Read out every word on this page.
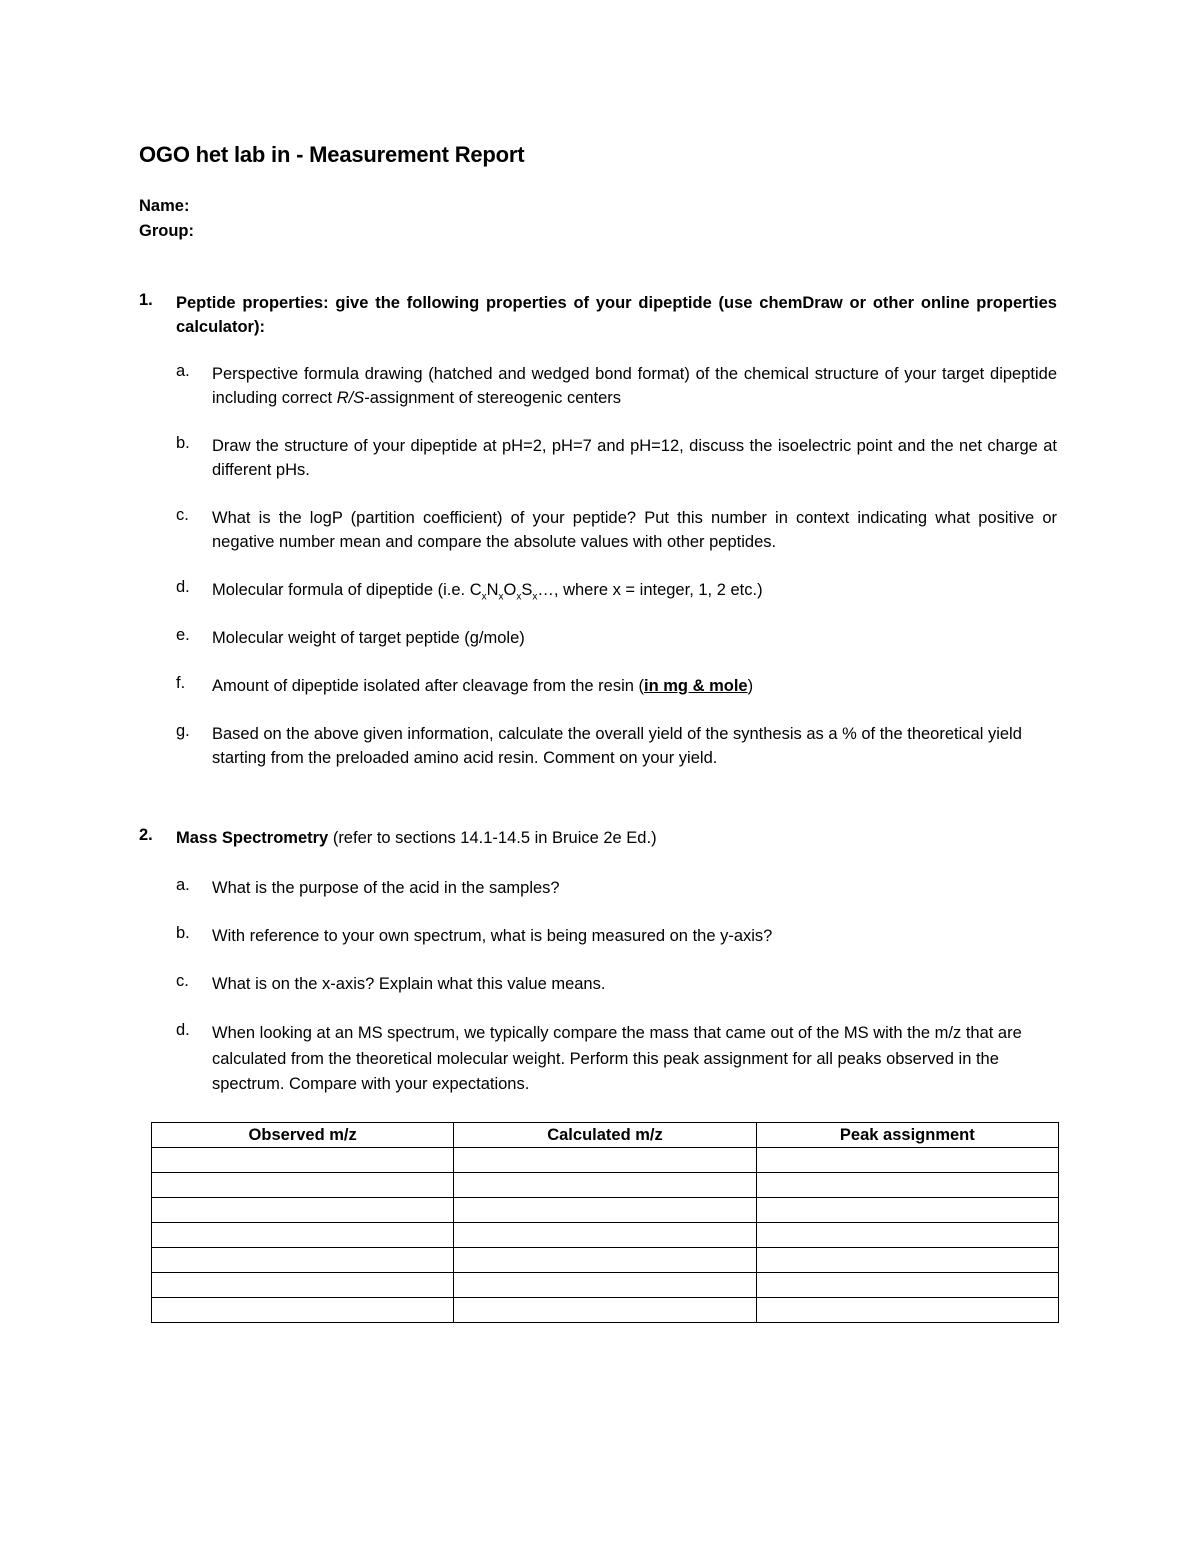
OGO het lab in - Measurement Report
Name:
Group:
1. Peptide properties: give the following properties of your dipeptide (use chemDraw or other online properties calculator):
a. Perspective formula drawing (hatched and wedged bond format) of the chemical structure of your target dipeptide including correct R/S-assignment of stereogenic centers
b. Draw the structure of your dipeptide at pH=2, pH=7 and pH=12, discuss the isoelectric point and the net charge at different pHs.
c. What is the logP (partition coefficient) of your peptide? Put this number in context indicating what positive or negative number mean and compare the absolute values with other peptides.
d. Molecular formula of dipeptide (i.e. $C_xN_xO_xS_x\dots$, where x = integer, 1, 2 etc.)
e. Molecular weight of target peptide (g/mole)
f. Amount of dipeptide isolated after cleavage from the resin (in mg & mole)
g. Based on the above given information, calculate the overall yield of the synthesis as a % of the theoretical yield starting from the preloaded amino acid resin. Comment on your yield.
2. Mass Spectrometry (refer to sections 14.1-14.5 in Bruice 2e Ed.)
a. What is the purpose of the acid in the samples?
b. With reference to your own spectrum, what is being measured on the y-axis?
c. What is on the x-axis? Explain what this value means.
d. When looking at an MS spectrum, we typically compare the mass that came out of the MS with the m/z that are calculated from the theoretical molecular weight. Perform this peak assignment for all peaks observed in the spectrum. Compare with your expectations.
Observed m/z	Calculated m/z	Peak assignment
